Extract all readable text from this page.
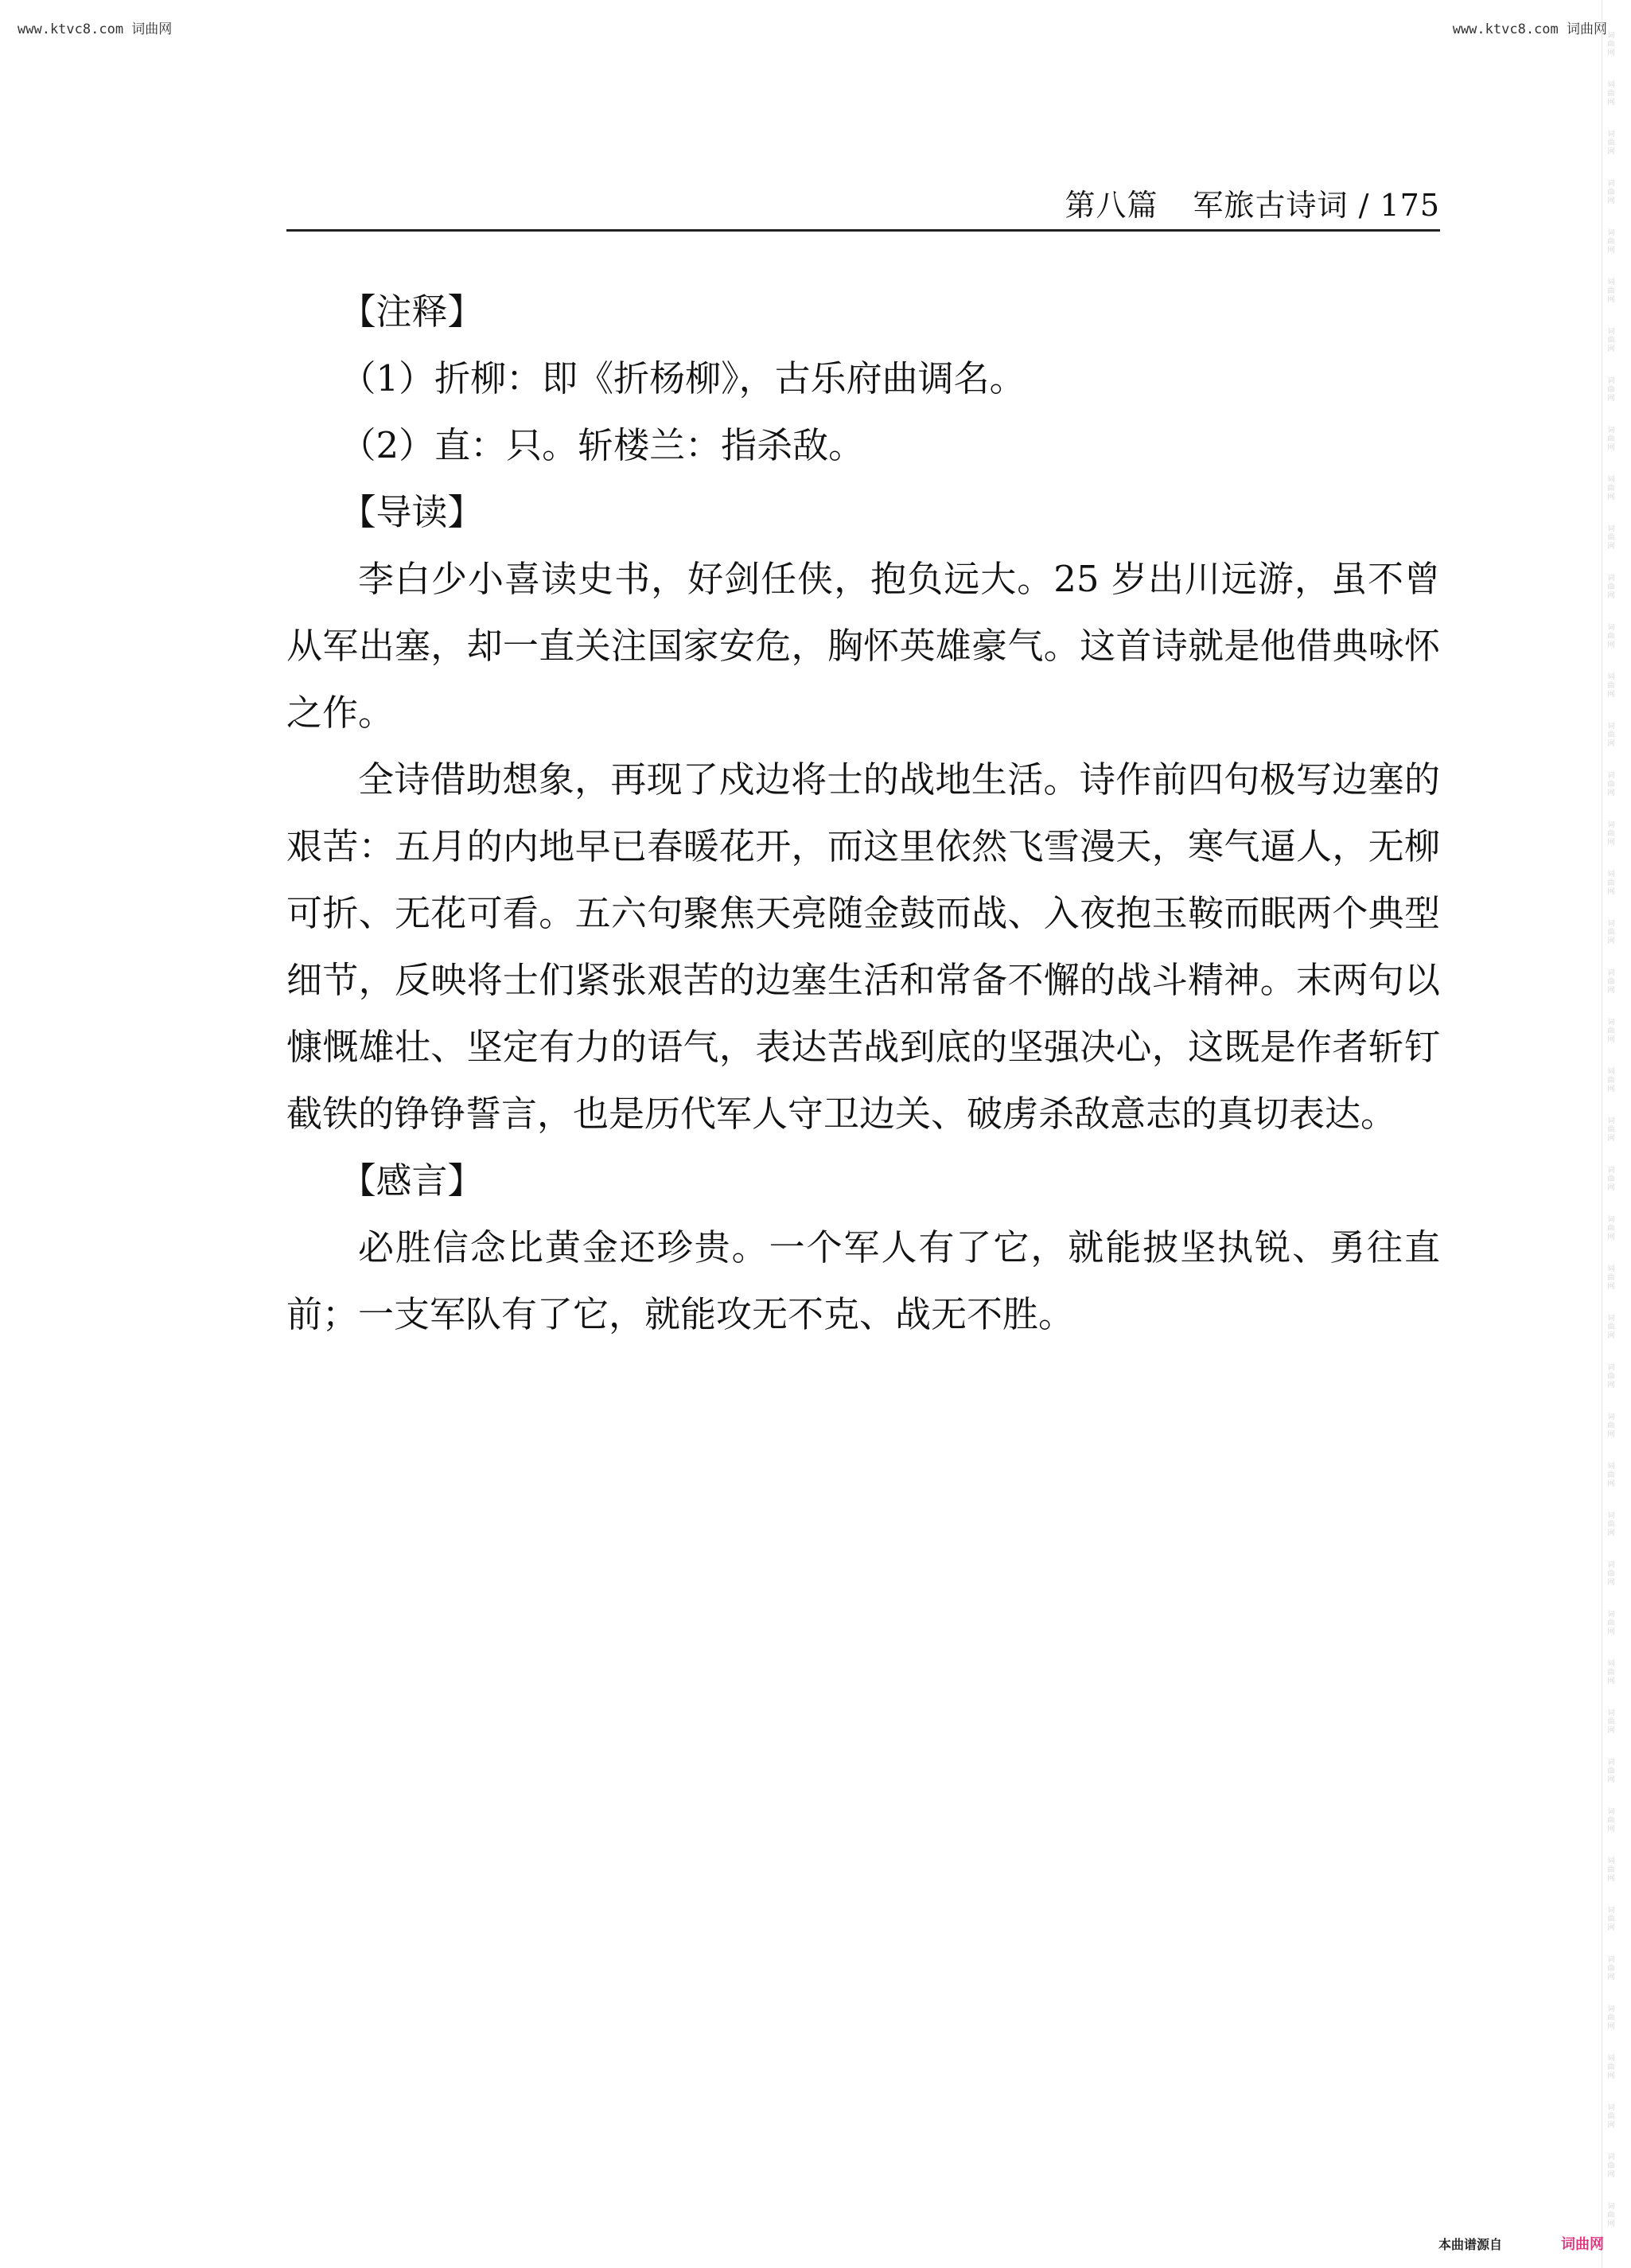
www.ktvc8.com 词曲网	www.ktvc8.com 词曲网 词曲网
词曲网
词曲网
词曲网
词曲网
词曲网
词曲网
词曲网
词曲网
词曲网
词曲网
词曲网
词曲网
词曲网
词曲网
词曲网
词曲网
词曲网
词曲网
词曲网
词曲网
词曲网
词曲网
词曲网
词曲网
词曲网
词曲网
词曲网
词曲网
词曲网
词曲网
词曲网
词曲网
词曲网
词曲网
词曲网
词曲网
词曲网
词曲网
词曲网
词曲网
词曲网
词曲网
词曲网
词曲网
第八篇 军旅古诗词 / 175

【注释】

（1）折柳：即《折杨柳》，古乐府曲调名。

（2）直：只。斩楼兰：指杀敌。

【导读】

李白少小喜读史书，好剑任侠，抱负远大。25 岁出川远游，虽不曾从军出塞，却一直关注国家安危，胸怀英雄豪气。这首诗就是他借典咏怀之作。

全诗借助想象，再现了戍边将士的战地生活。诗作前四句极写边塞的艰苦：五月的内地早已春暖花开，而这里依然飞雪漫天，寒气逼人，无柳可折、无花可看。五六句聚焦天亮随金鼓而战、入夜抱玉鞍而眠两个典型细节，反映将士们紧张艰苦的边塞生活和常备不懈的战斗精神。末两句以慷慨雄壮、坚定有力的语气，表达苦战到底的坚强决心，这既是作者斩钉截铁的铮铮誓言，也是历代军人守卫边关、破虏杀敌意志的真切表达。

【感言】

必胜信念比黄金还珍贵。一个军人有了它，就能披坚执锐、勇往直前；一支军队有了它，就能攻无不克、战无不胜。

本曲谱源自	词曲网
